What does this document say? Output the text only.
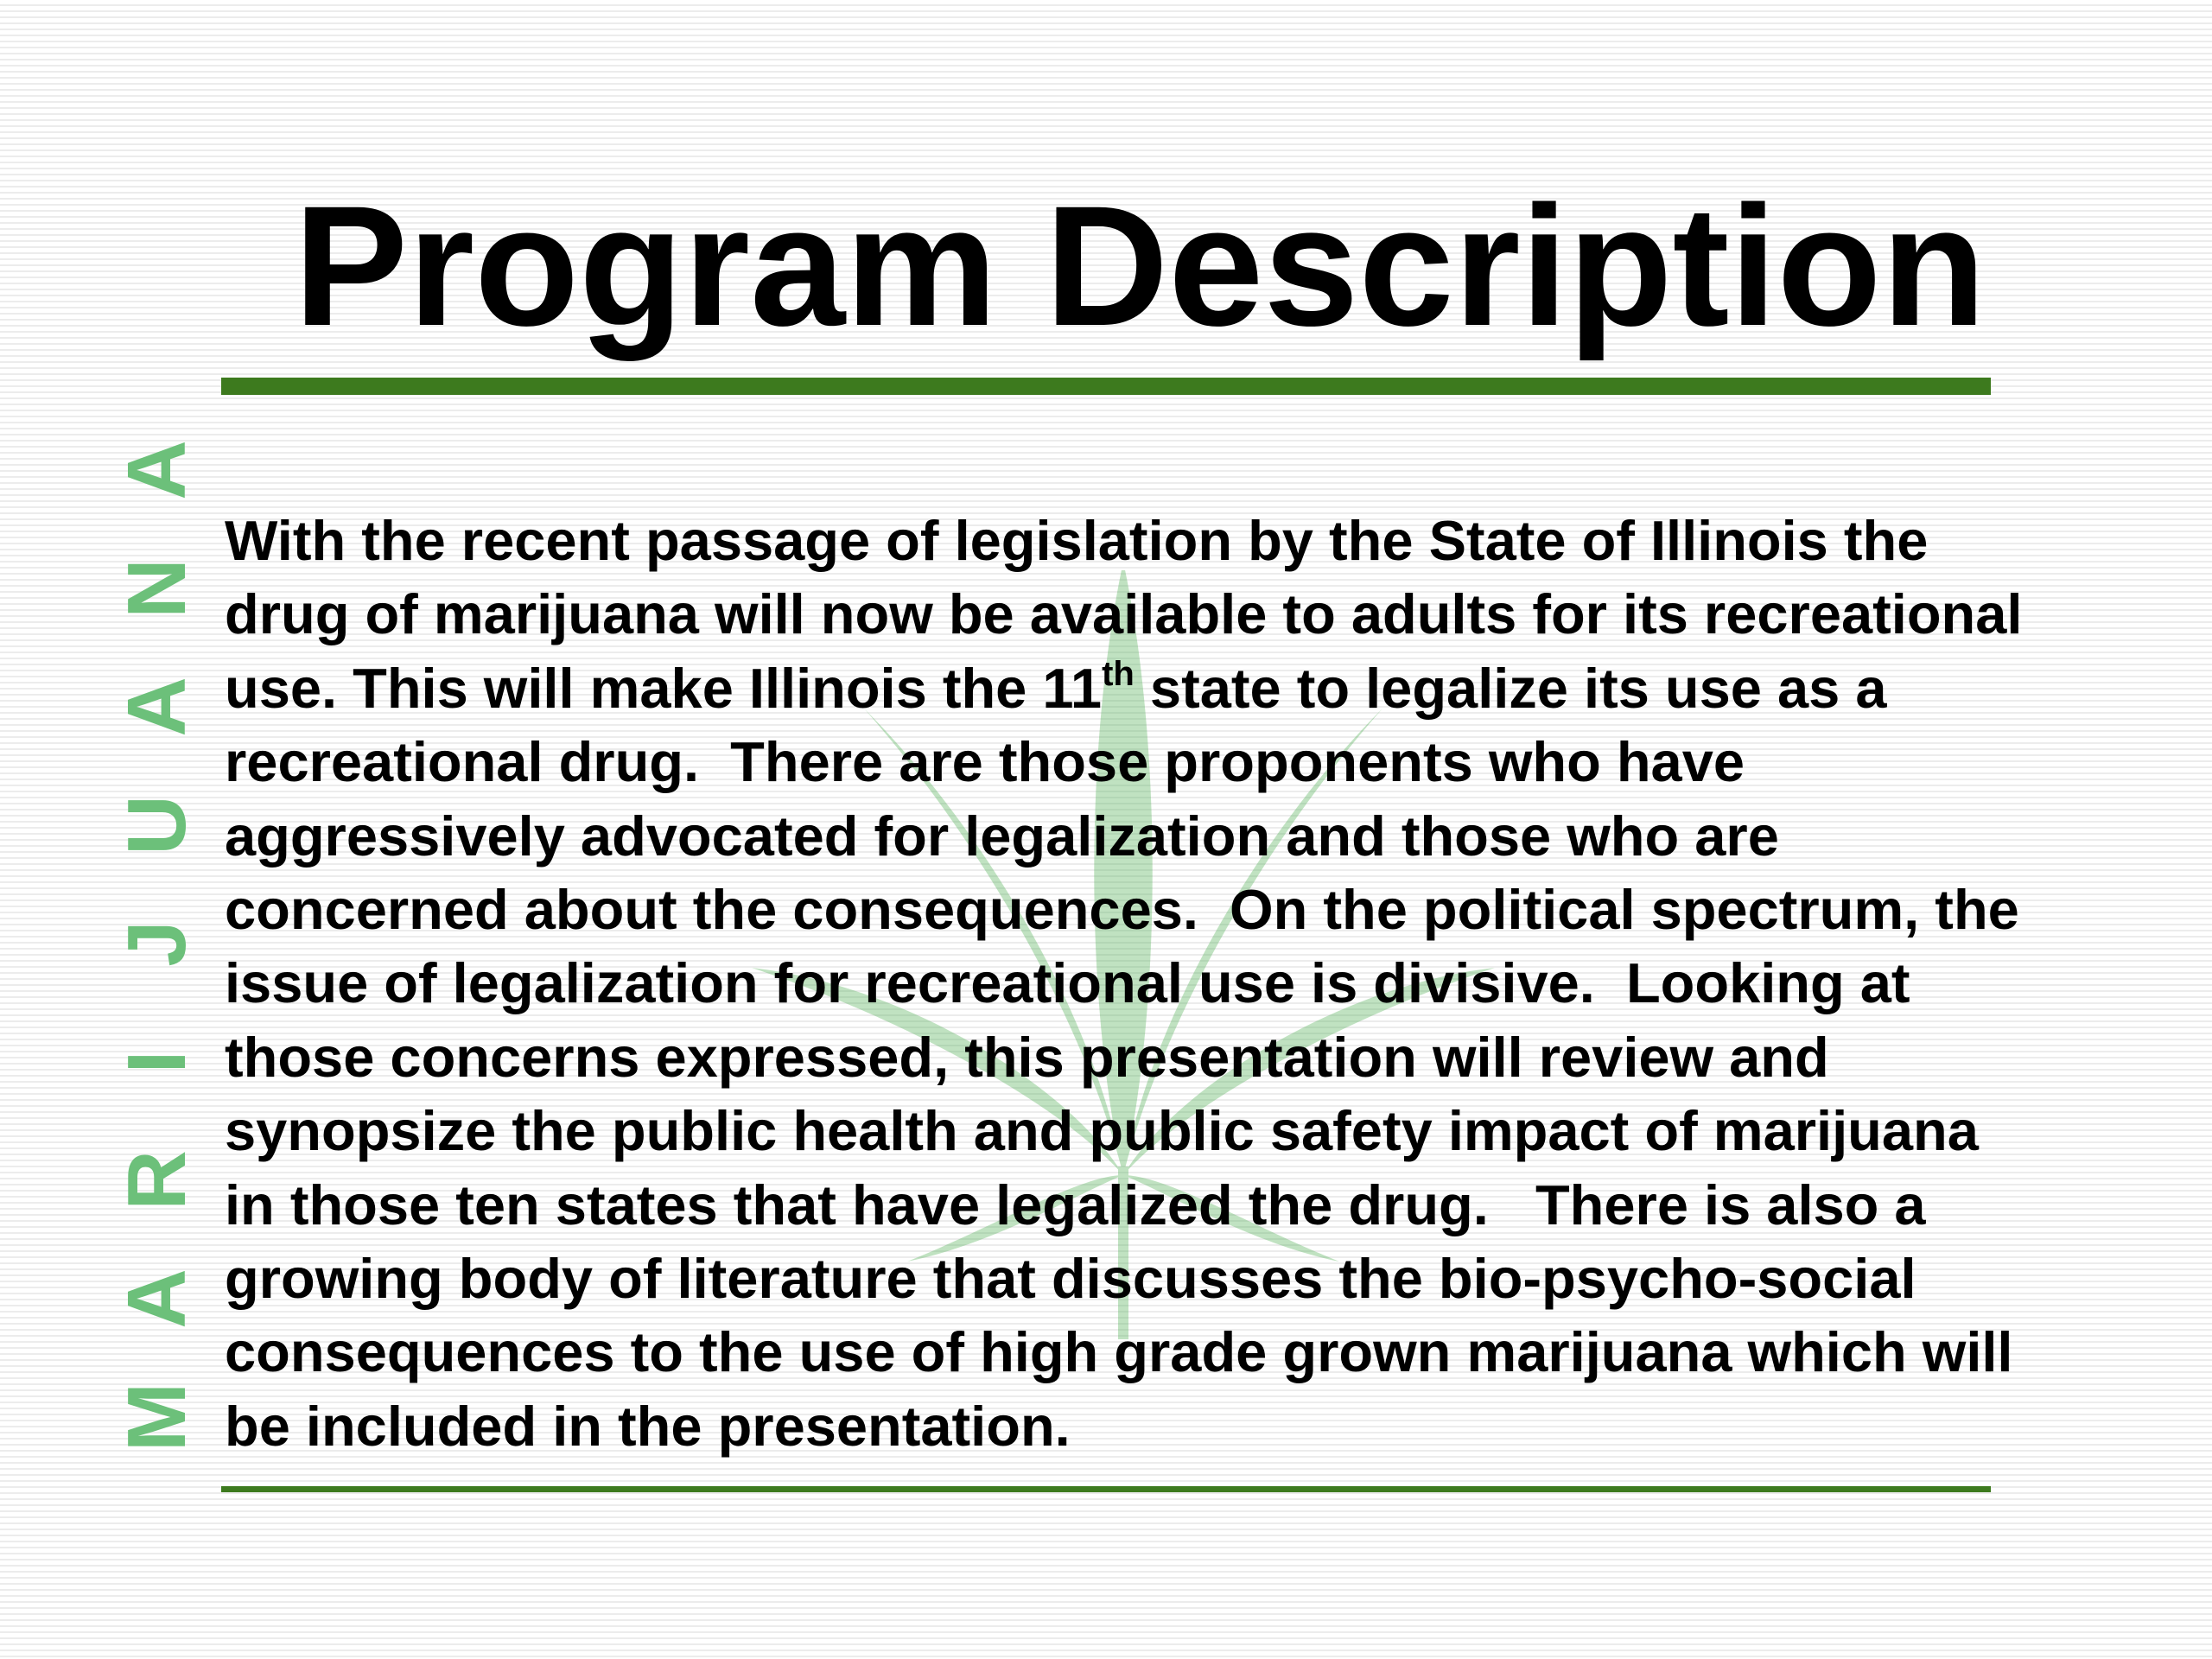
Program Description
M
A
R
I
J
U
A
N
A

With the recent passage of legislation by the State of Illinois the
drug of marijuana will now be available to adults for its recreational
use. This will make Illinois the 11th state to legalize its use as a
recreational drug.  There are those proponents who have
aggressively advocated for legalization and those who are
concerned about the consequences.  On the political spectrum, the
issue of legalization for recreational use is divisive.  Looking at
those concerns expressed, this presentation will review and
synopsize the public health and public safety impact of marijuana
in those ten states that have legalized the drug.   There is also a
growing body of literature that discusses the bio-psycho-social
consequences to the use of high grade grown marijuana which will
be included in the presentation.
